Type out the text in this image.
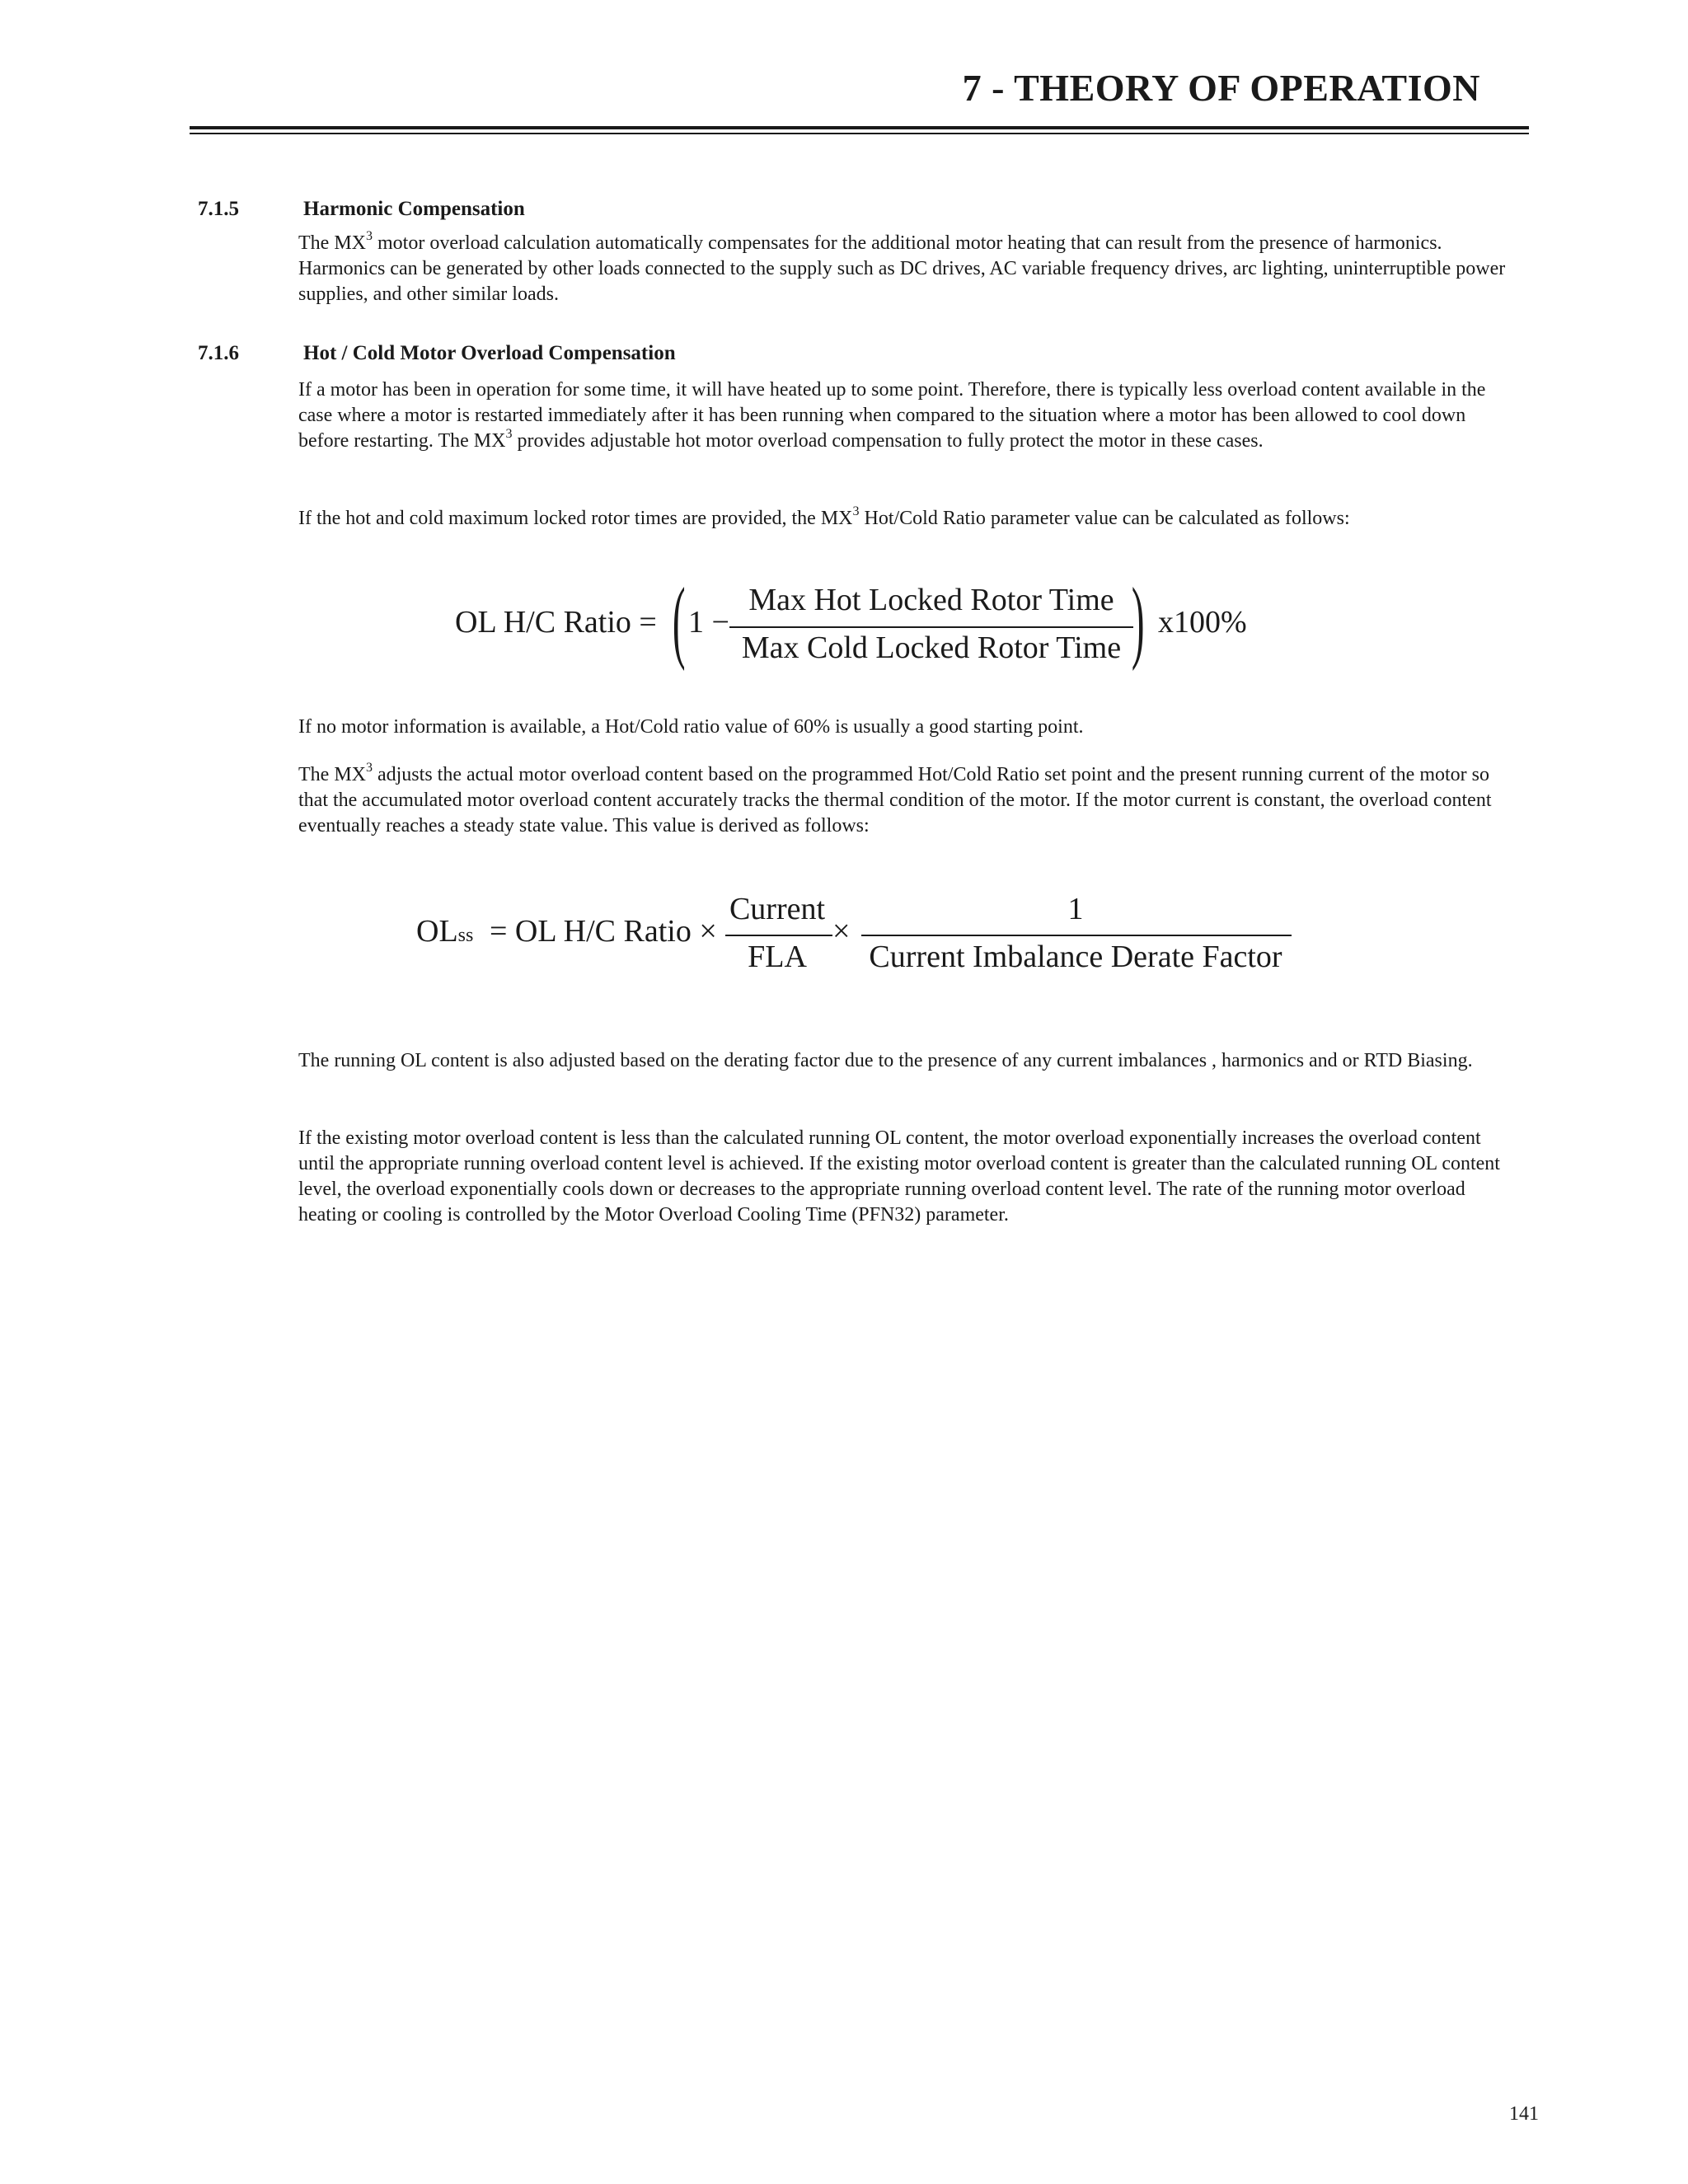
7 - THEORY OF OPERATION
7.1.5	Harmonic Compensation

The $MX^3$ motor overload calculation automatically compensates for the additional motor heating that can result from the presence of harmonics. Harmonics can be generated by other loads connected to the supply such as DC drives, AC variable frequency drives, arc lighting, uninterruptible power supplies, and other similar loads.

7.1.6	Hot / Cold Motor Overload Compensation

If a motor has been in operation for some time, it will have heated up to some point. Therefore, there is typically less overload content available in the case where a motor is restarted immediately after it has been running when compared to the situation where a motor has been allowed to cool down before restarting. The $MX^3$ provides adjustable hot motor overload compensation to fully protect the motor in these cases.

If the hot and cold maximum locked rotor times are provided, the $MX^3$ Hot/Cold Ratio parameter value can be calculated as follows:

OL H/C Ratio = ( 1 −
Max Hot Locked Rotor Time
Max Cold Locked Rotor Time ) x100%

If no motor information is available, a Hot/Cold ratio value of 60% is usually a good starting point.

The $MX^3$ adjusts the actual motor overload content based on the programmed Hot/Cold Ratio set point and the present running current of the motor so that the accumulated motor overload content accurately tracks the thermal condition of the motor. If the motor current is constant, the overload content eventually reaches a steady state value. This value is derived as follows:

OLss = OL H/C Ratio ×
Current
FLA
×
1
Current Imbalance Derate Factor

The running OL content is also adjusted based on the derating factor due to the presence of any current imbalances , harmonics and or RTD Biasing.

If the existing motor overload content is less than the calculated running OL content, the motor overload exponentially increases the overload content until the appropriate running overload content level is achieved. If the existing motor overload content is greater than the calculated running OL content level, the overload exponentially cools down or decreases to the appropriate running overload content level. The rate of the running motor overload heating or cooling is controlled by the Motor Overload Cooling Time (PFN32) parameter.

141
